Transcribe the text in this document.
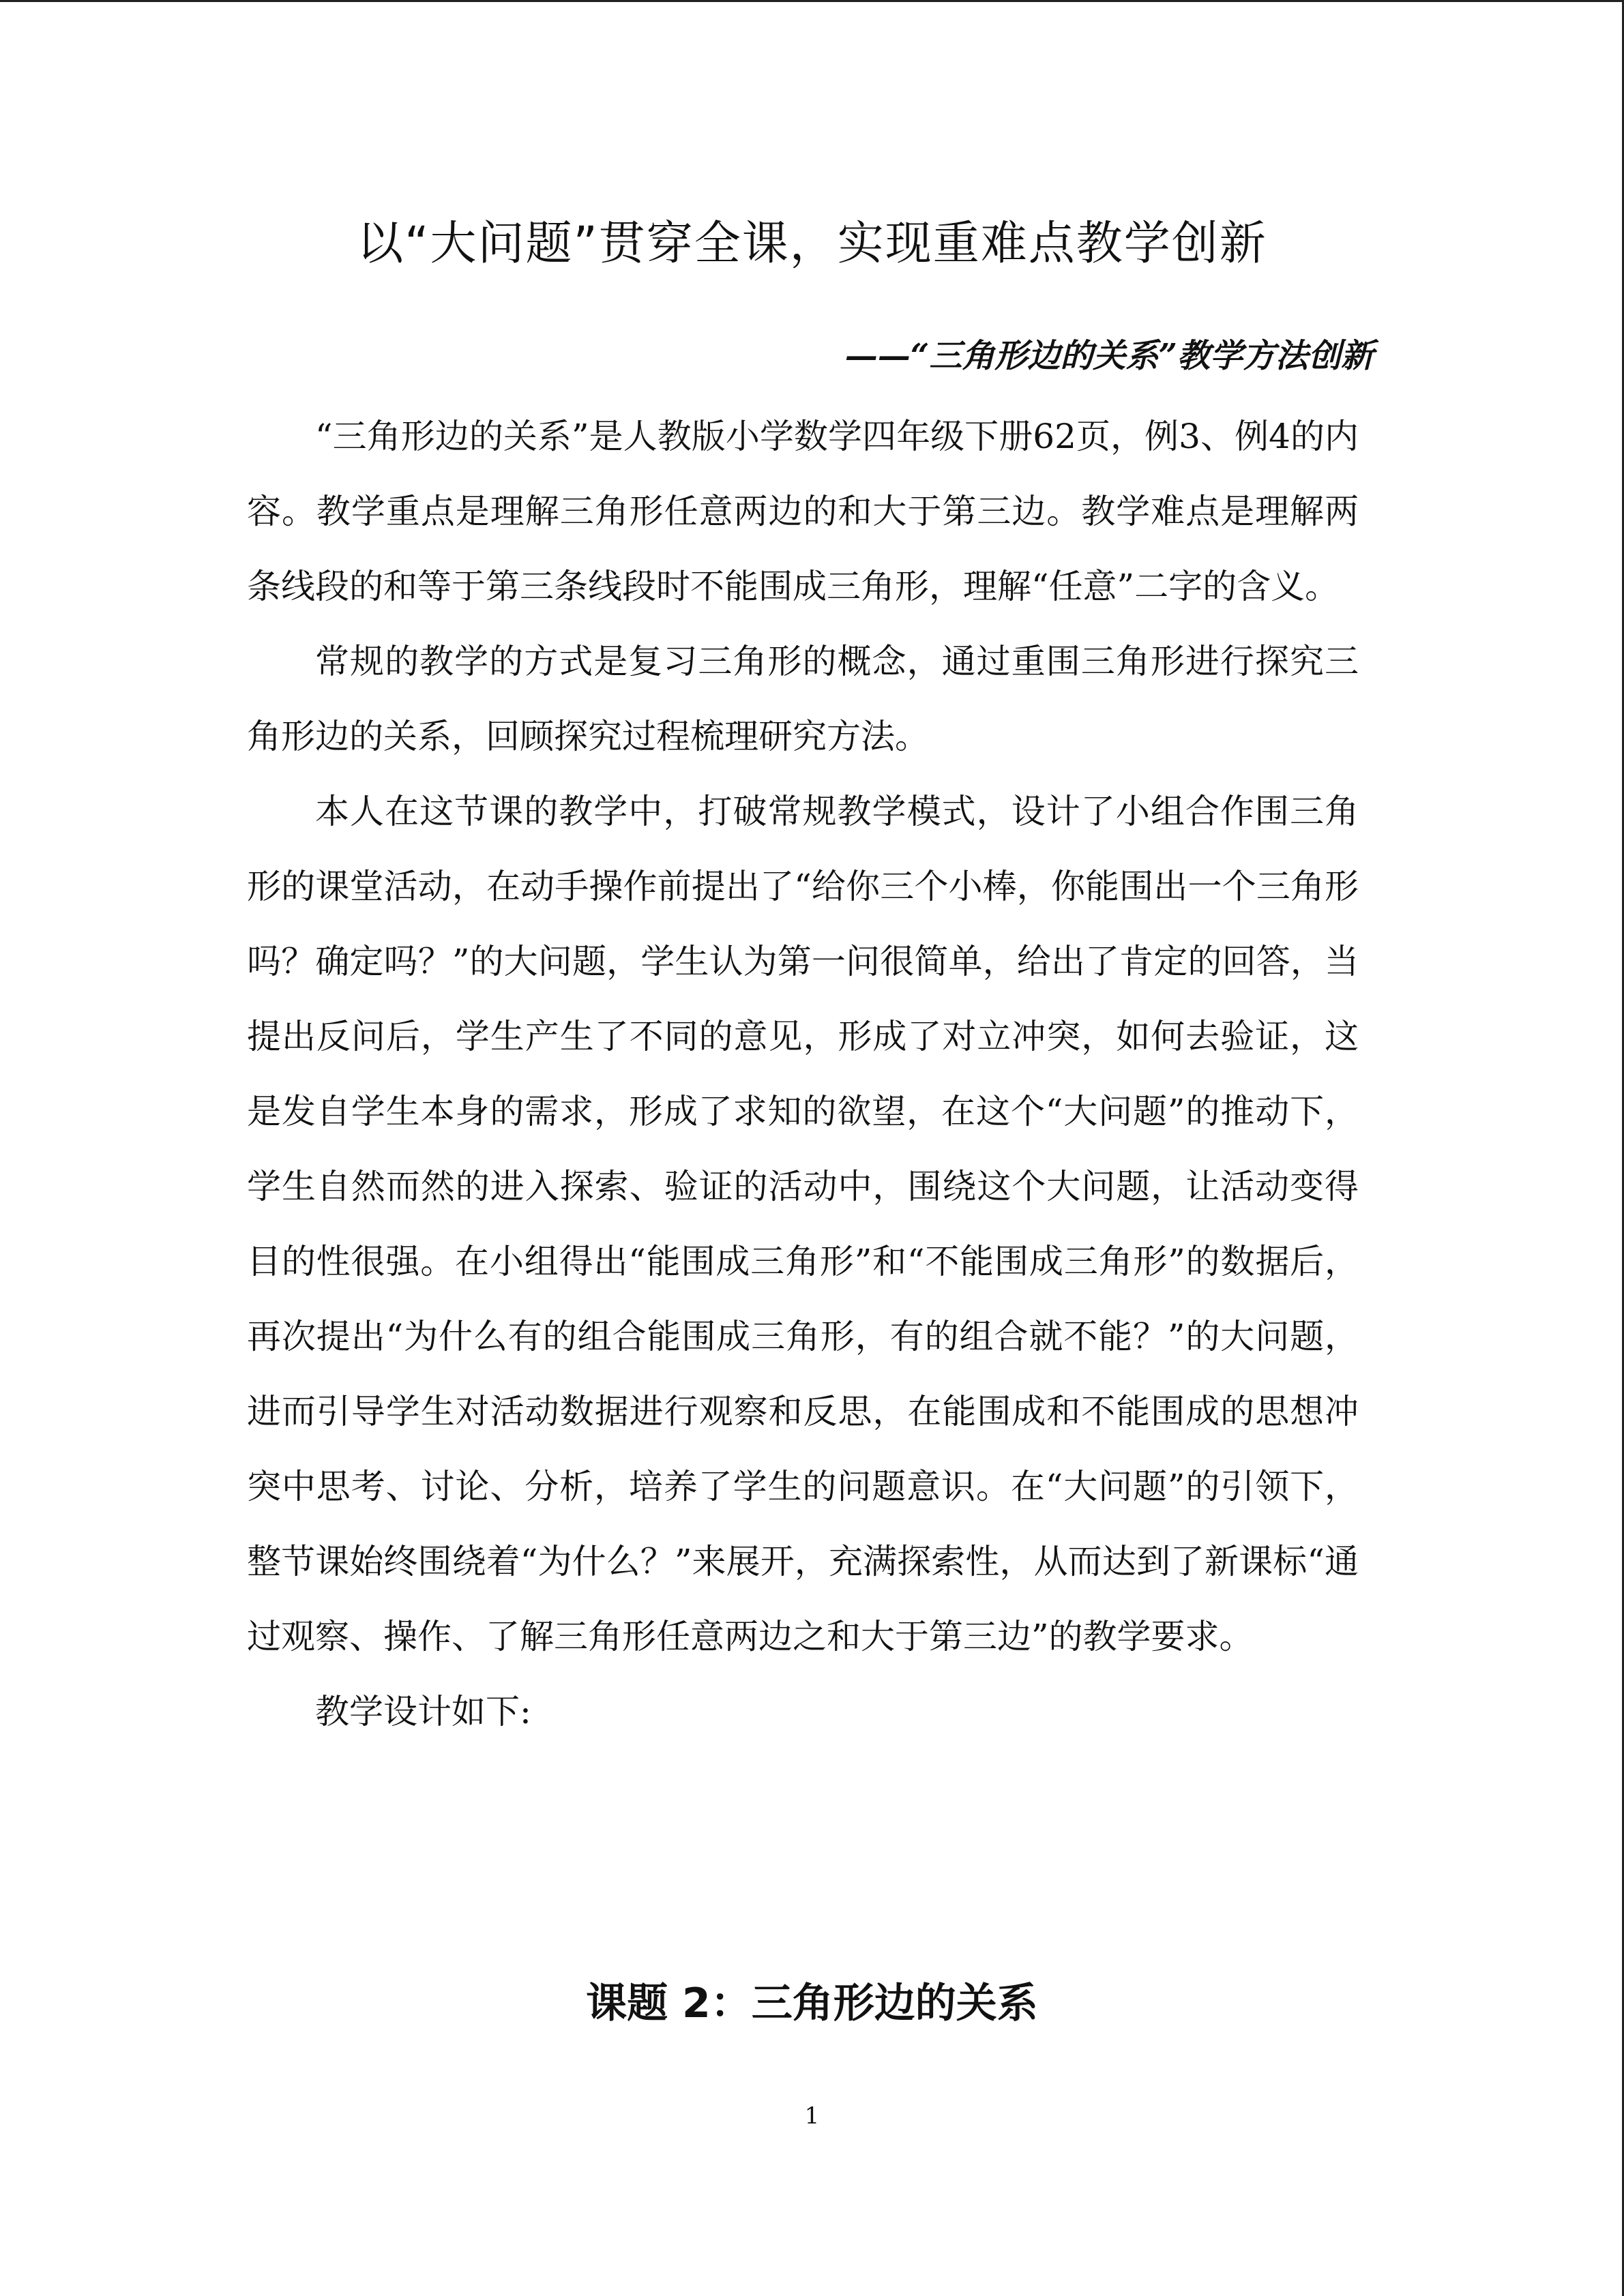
以“大问题”贯穿全课，实现重难点教学创新
——“三角形边的关系”教学方法创新

“三角形边的关系”是人教版小学数学四年级下册62页，例3、例4的内容。教学重点是理解三角形任意两边的和大于第三边。教学难点是理解两条线段的和等于第三条线段时不能围成三角形，理解“任意”二字的含义。

常规的教学的方式是复习三角形的概念，通过重围三角形进行探究三角形边的关系，回顾探究过程梳理研究方法。

本人在这节课的教学中，打破常规教学模式，设计了小组合作围三角形的课堂活动，在动手操作前提出了“给你三个小棒，你能围出一个三角形吗？确定吗？”的大问题，学生认为第一问很简单，给出了肯定的回答，当提出反问后，学生产生了不同的意见，形成了对立冲突，如何去验证，这是发自学生本身的需求，形成了求知的欲望，在这个“大问题”的推动下，学生自然而然的进入探索、验证的活动中，围绕这个大问题，让活动变得目的性很强。在小组得出“能围成三角形”和“不能围成三角形”的数据后，再次提出“为什么有的组合能围成三角形，有的组合就不能？”的大问题，进而引导学生对活动数据进行观察和反思，在能围成和不能围成的思想冲突中思考、讨论、分析，培养了学生的问题意识。在“大问题”的引领下，整节课始终围绕着“为什么？”来展开，充满探索性，从而达到了新课标“通过观察、操作、了解三角形任意两边之和大于第三边”的教学要求。

教学设计如下:

课题 2：三角形边的关系
1
